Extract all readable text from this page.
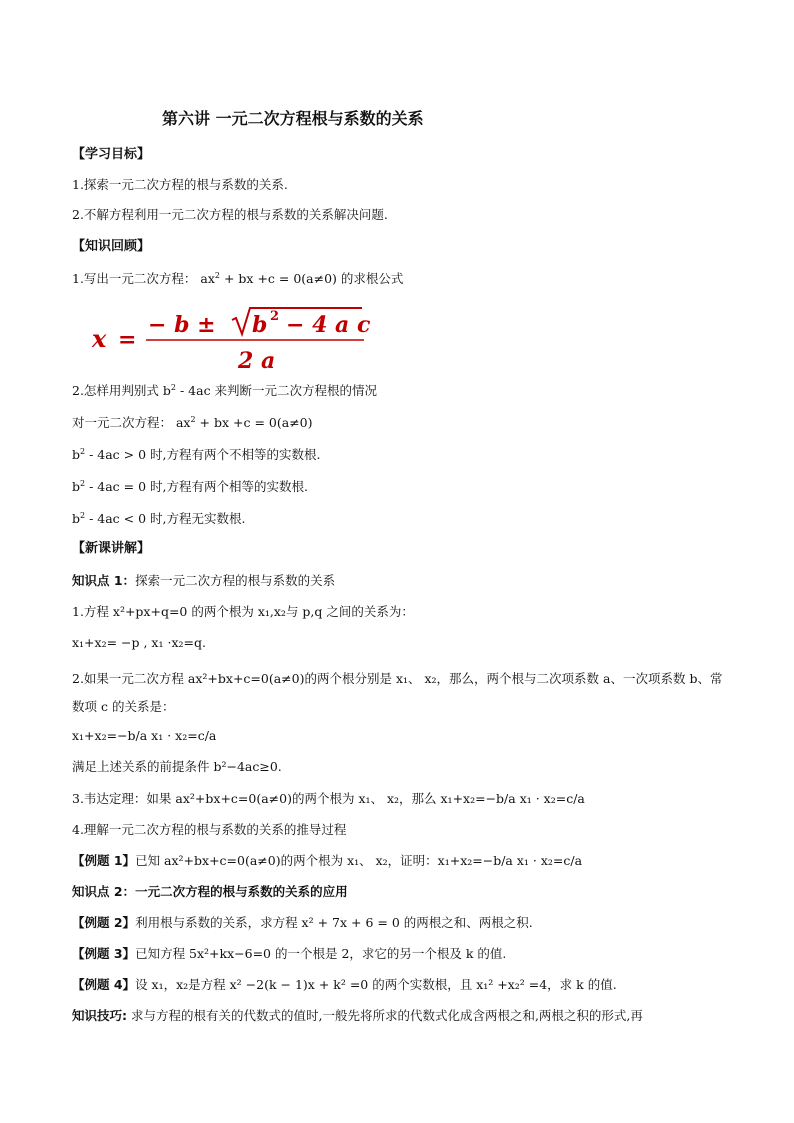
第六讲 一元二次方程根与系数的关系
【学习目标】
1.探索一元二次方程的根与系数的关系.
2.不解方程利用一元二次方程的根与系数的关系解决问题.
【知识回顾】
1.写出一元二次方程： $ax^2$ + bx +c = 0(a≠0) 的求根公式
x =
− b ± b 2 − 4 a c
2 a
2.怎样用判别式 $b^2 - 4ac$ 来判断一元二次方程根的情况
对一元二次方程： $ax^2$ + bx +c = 0(a≠0)
$b^2 - 4ac > 0$ 时,方程有两个不相等的实数根.
$b^2 - 4ac = 0$ 时,方程有两个相等的实数根.
$b^2 - 4ac < 0$ 时,方程无实数根.
【新课讲解】
知识点 1：探索一元二次方程的根与系数的关系
1.方程 x²+px+q=0 的两个根为 x₁,x₂与 p,q 之间的关系为：
x₁+x₂= −p , x₁ ·x₂=q.
2.如果一元二次方程 ax²+bx+c=0(a≠0)的两个根分别是 x₁、 x₂，那么，两个根与二次项系数 a、一次项系数 b、常数项 c 的关系是：
x₁+x₂=−b/a x₁ · x₂=c/a
满足上述关系的前提条件 b²−4ac≥0.
3.韦达定理：如果 ax²+bx+c=0(a≠0)的两个根为 x₁、 x₂，那么 x₁+x₂=−b/a x₁ · x₂=c/a
4.理解一元二次方程的根与系数的关系的推导过程
【例题 1】已知 ax²+bx+c=0(a≠0)的两个根为 x₁、 x₂，证明：x₁+x₂=−b/a x₁ · x₂=c/a
知识点 2：一元二次方程的根与系数的关系的应用
【例题 2】利用根与系数的关系，求方程 x² + 7x + 6 = 0 的两根之和、两根之积.
【例题 3】已知方程 5x²+kx−6=0 的一个根是 2，求它的另一个根及 k 的值.
【例题 4】设 x₁，x₂是方程 x² −2(k − 1)x + k² =0 的两个实数根，且 x₁² +x₂² =4，求 k 的值.
知识技巧: 求与方程的根有关的代数式的值时,一般先将所求的代数式化成含两根之和,两根之积的形式,再
